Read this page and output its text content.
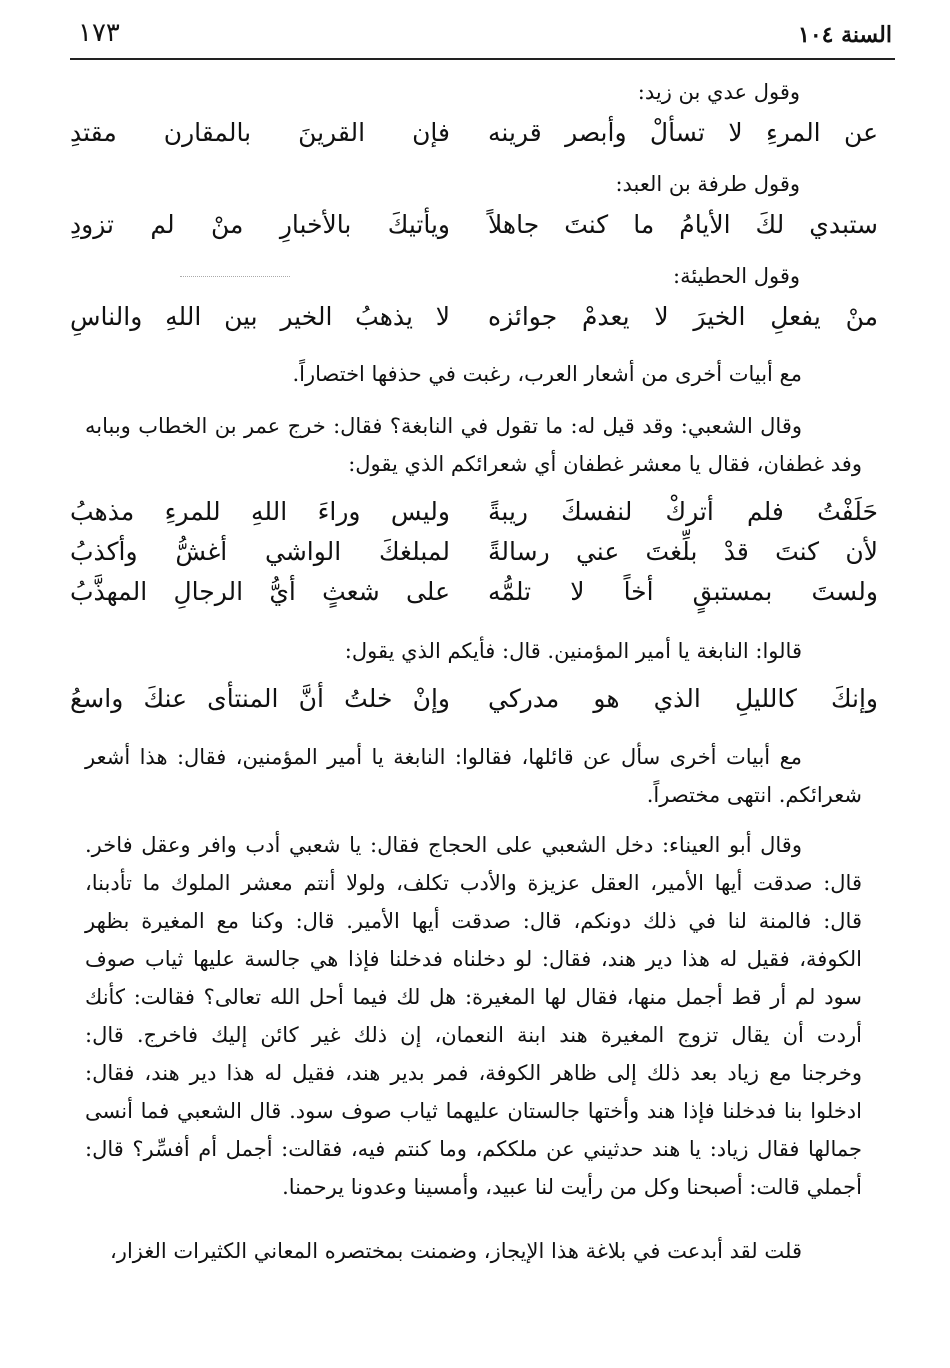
السنة ١٠٤
١٧٣
وقول عدي بن زيد:
عن المرءِ لا تسألْ وأبصر قرينه
فإن القرينَ بالمقارن مقتدِ
وقول طرفة بن العبد:
ستبدي لكَ الأيامُ ما كنتَ جاهلاً
ويأتيكَ بالأخبارِ منْ لم تزودِ
وقول الحطيئة:
منْ يفعلِ الخيرَ لا يعدمْ جوائزه
لا يذهبُ الخير بين اللهِ والناسِ
مع أبيات أخرى من أشعار العرب، رغبت في حذفها اختصاراً.
وقال الشعبي: وقد قيل له: ما تقول في النابغة؟ فقال: خرج عمر بن الخطاب وببابه
وفد غطفان، فقال يا معشر غطفان أي شعرائكم الذي يقول:
حَلَفْتُ فلم أتركْ لنفسكَ ريبةً
وليس وراءَ اللهِ للمرءِ مذهبُ
لأن كنتَ قدْ بلِّغتَ عني رسالةً
لمبلغكَ الواشي أغشُّ وأكذبُ
ولستَ بمستبقٍ أخاً لا تلمُّه
على شعثٍ أيُّ الرجالِ المهذَّبُ
قالوا: النابغة يا أمير المؤمنين. قال: فأيكم الذي يقول:
وإنكَ كالليلِ الذي هو مدركي
وإنْ خلتُ أنَّ المنتأى عنكَ واسعُ
مع أبيات أخرى سأل عن قائلها، فقالوا: النابغة يا أمير المؤمنين، فقال: هذا أشعر
شعرائكم. انتهى مختصراً.
وقال أبو العيناء: دخل الشعبي على الحجاج فقال: يا شعبي أدب وافر وعقل فاخر.
قال: صدقت أيها الأمير، العقل عزيزة والأدب تكلف، ولولا أنتم معشر الملوك ما تأدبنا،
قال: فالمنة لنا في ذلك دونكم، قال: صدقت أيها الأمير. قال: وكنا مع المغيرة بظهر
الكوفة، فقيل له هذا دير هند، فقال: لو دخلناه فدخلنا فإذا هي جالسة عليها ثياب صوف
سود لم أر قط أجمل منها، فقال لها المغيرة: هل لك فيما أحل الله تعالى؟ فقالت: كأنك
أردت أن يقال تزوج المغيرة هند ابنة النعمان، إن ذلك غير كائن إليك فاخرج. قال:
وخرجنا مع زياد بعد ذلك إلى ظاهر الكوفة، فمر بدير هند، فقيل له هذا دير هند، فقال:
ادخلوا بنا فدخلنا فإذا هند وأختها جالستان عليهما ثياب صوف سود. قال الشعبي فما أنسى
جمالها فقال زياد: يا هند حدثيني عن ملككم، وما كنتم فيه، فقالت: أجمل أم أفسِّر؟ قال:
أجملي قالت: أصبحنا وكل من رأيت لنا عبيد، وأمسينا وعدونا يرحمنا.
قلت لقد أبدعت في بلاغة هذا الإيجاز، وضمنت بمختصره المعاني الكثيرات الغزار،
